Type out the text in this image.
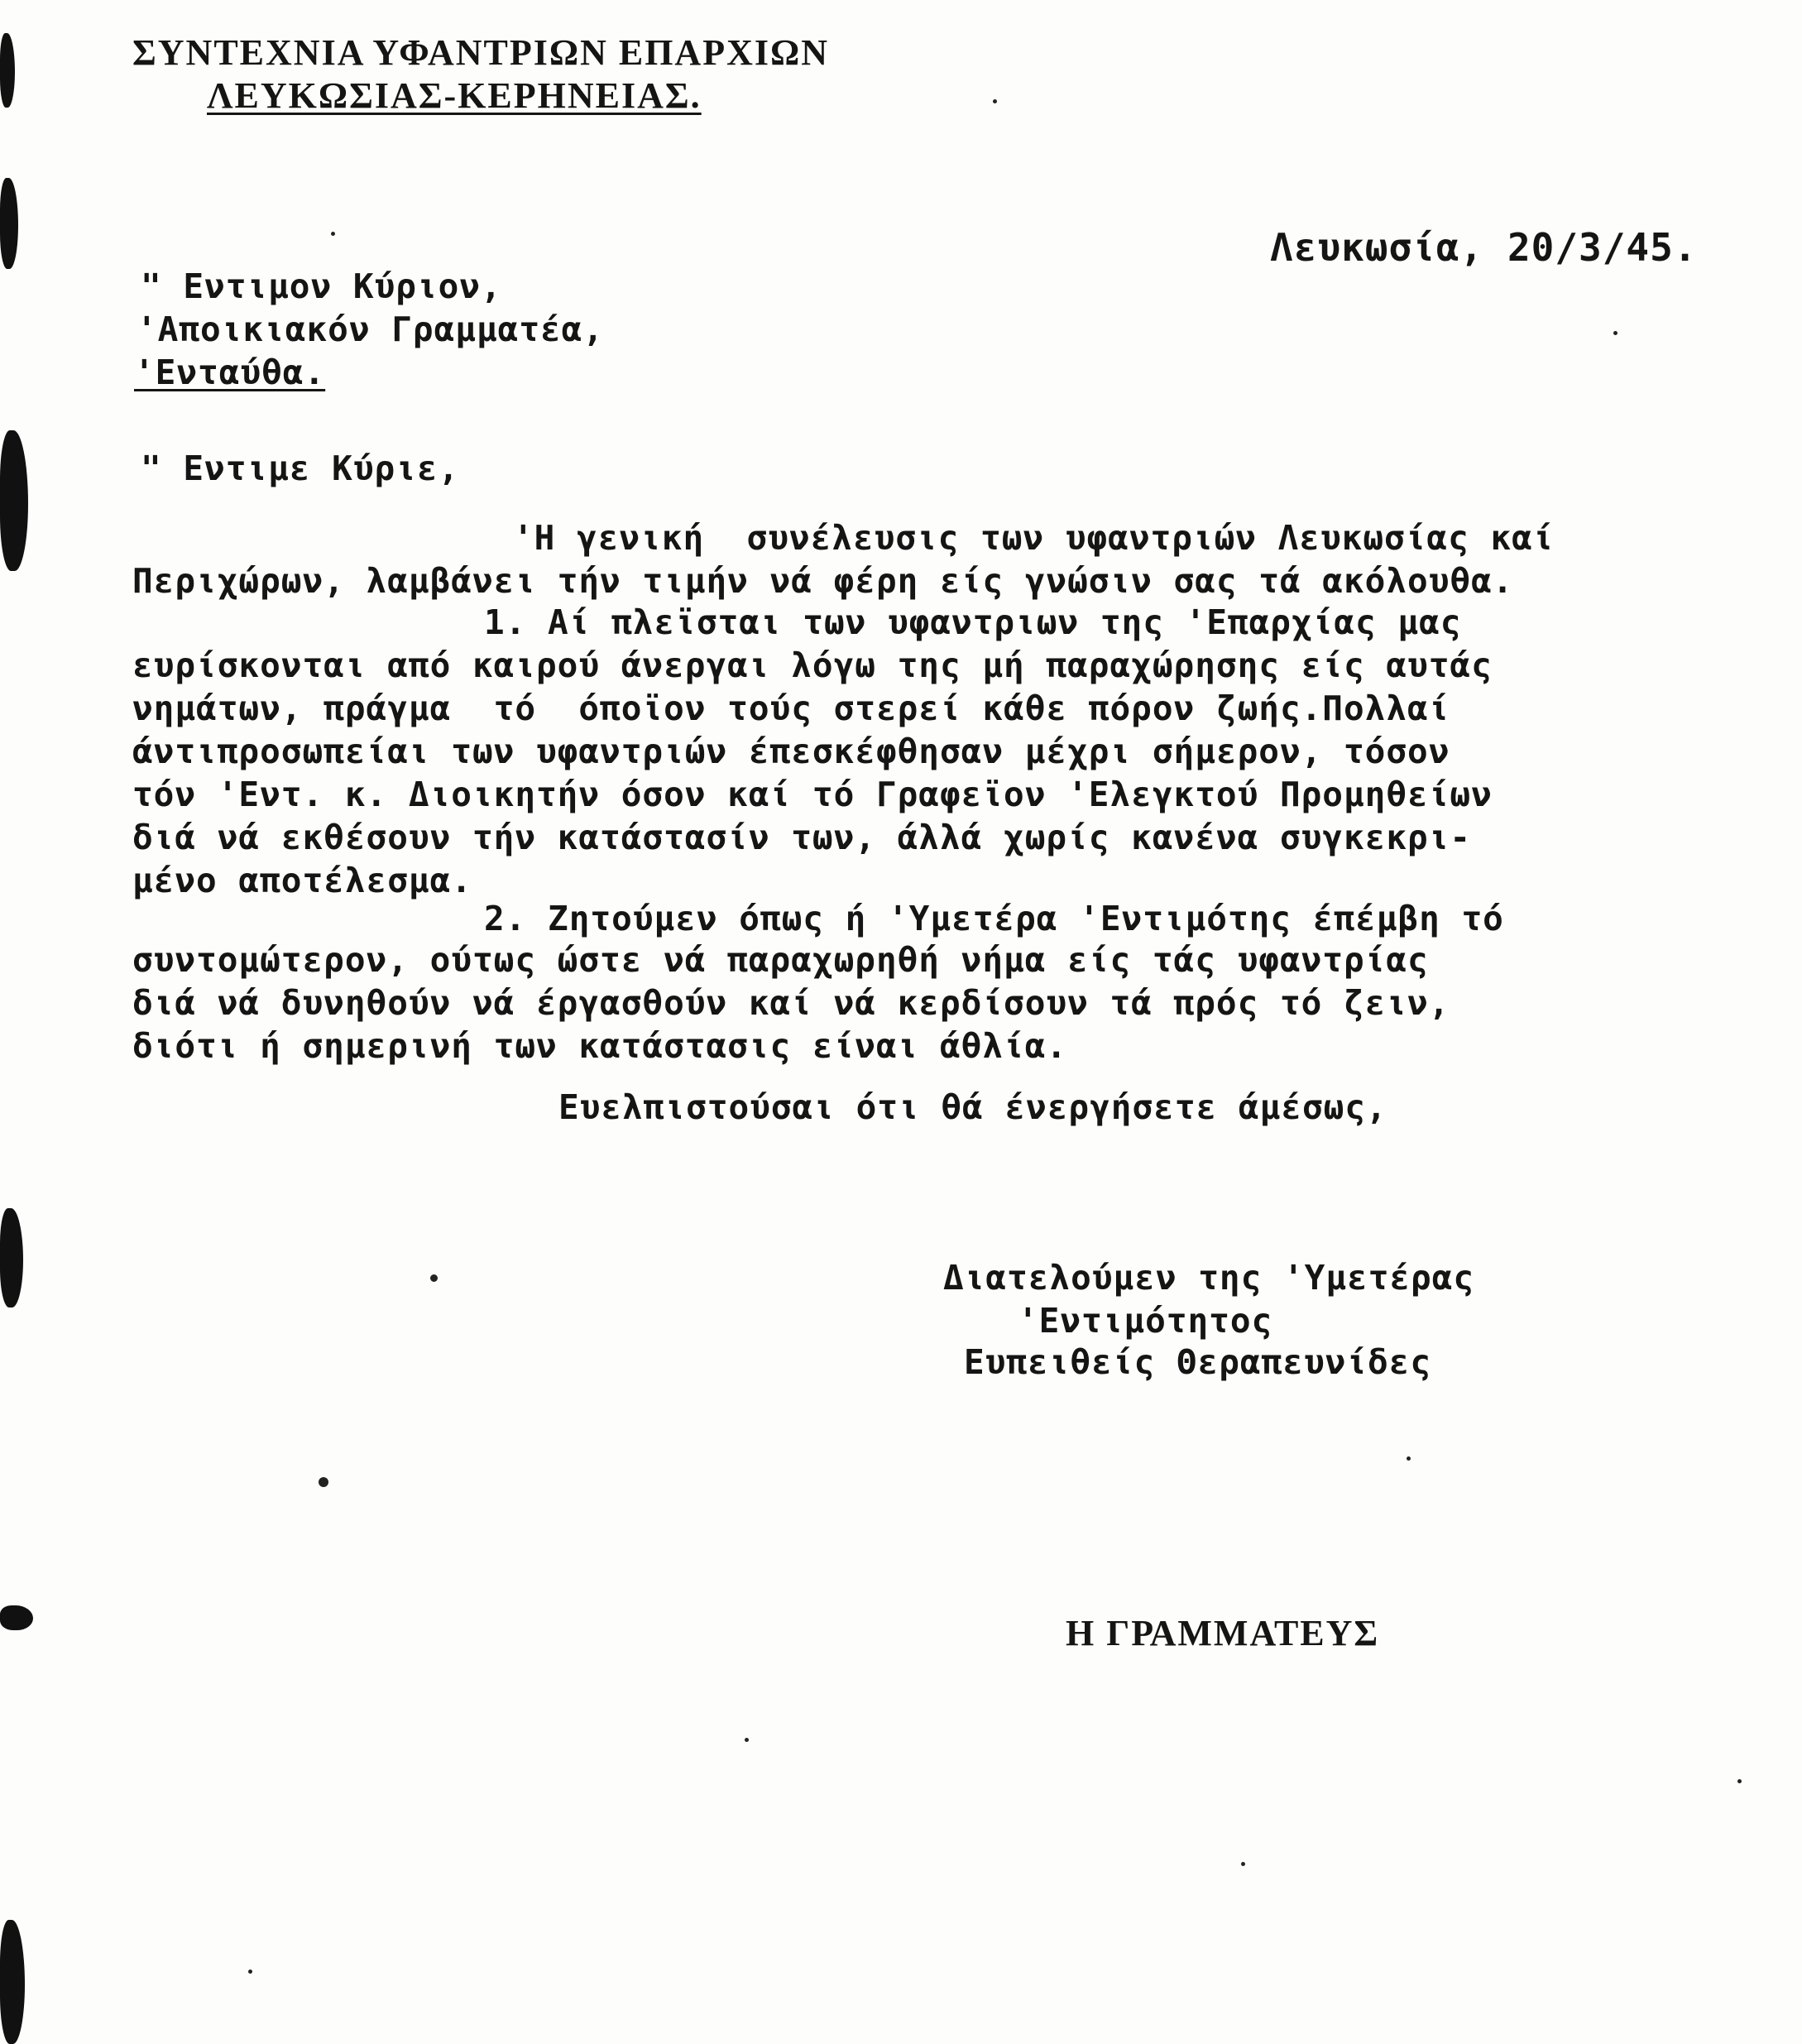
ΣΥΝΤΕΧΝΙΑ ΥΦΑΝΤΡΙΩΝ ΕΠΑΡΧΙΩΝ
ΛΕΥΚΩΣΙΑΣ-ΚΕΡΗΝΕΙΑΣ.
Λευκωσία, 20/3/45.
" Εντιμον Κύριον,
'Αποικιακόν Γραμματέα,
'Ενταύθα.
" Εντιμε Κύριε,
'Η γενική  συνέλευσις των υφαντριών Λευκωσίας καί
Περιχώρων, λαμβάνει τήν τιμήν νά φέρη είς γνώσιν σας τά ακόλουθα.
1. Αί πλεϊσται των υφαντριων της 'Επαρχίας μας
ευρίσκονται από καιρού άνεργαι λόγω της μή παραχώρησης είς αυτάς
νημάτων, πράγμα  τό  όποϊον τούς στερεί κάθε πόρον ζωής.Πολλαί
άντιπροσωπείαι των υφαντριών έπεσκέφθησαν μέχρι σήμερον, τόσον
τόν 'Εντ. κ. Διοικητήν όσον καί τό Γραφεϊον 'Ελεγκτού Προμηθείων
διά νά εκθέσουν τήν κατάστασίν των, άλλά χωρίς κανένα συγκεκρι-
μένο αποτέλεσμα.
2. Ζητούμεν όπως ή 'Υμετέρα 'Εντιμότης έπέμβη τό
συντομώτερον, ούτως ώστε νά παραχωρηθή νήμα είς τάς υφαντρίας
διά νά δυνηθούν νά έργασθούν καί νά κερδίσουν τά πρός τό ζειν,
διότι ή σημερινή των κατάστασις είναι άθλία.
Ευελπιστούσαι ότι θά ένεργήσετε άμέσως,
Διατελούμεν της 'Υμετέρας
'Εντιμότητος
Ευπειθείς Θεραπευνίδες
Η ΓΡΑΜΜΑΤΕΥΣ
